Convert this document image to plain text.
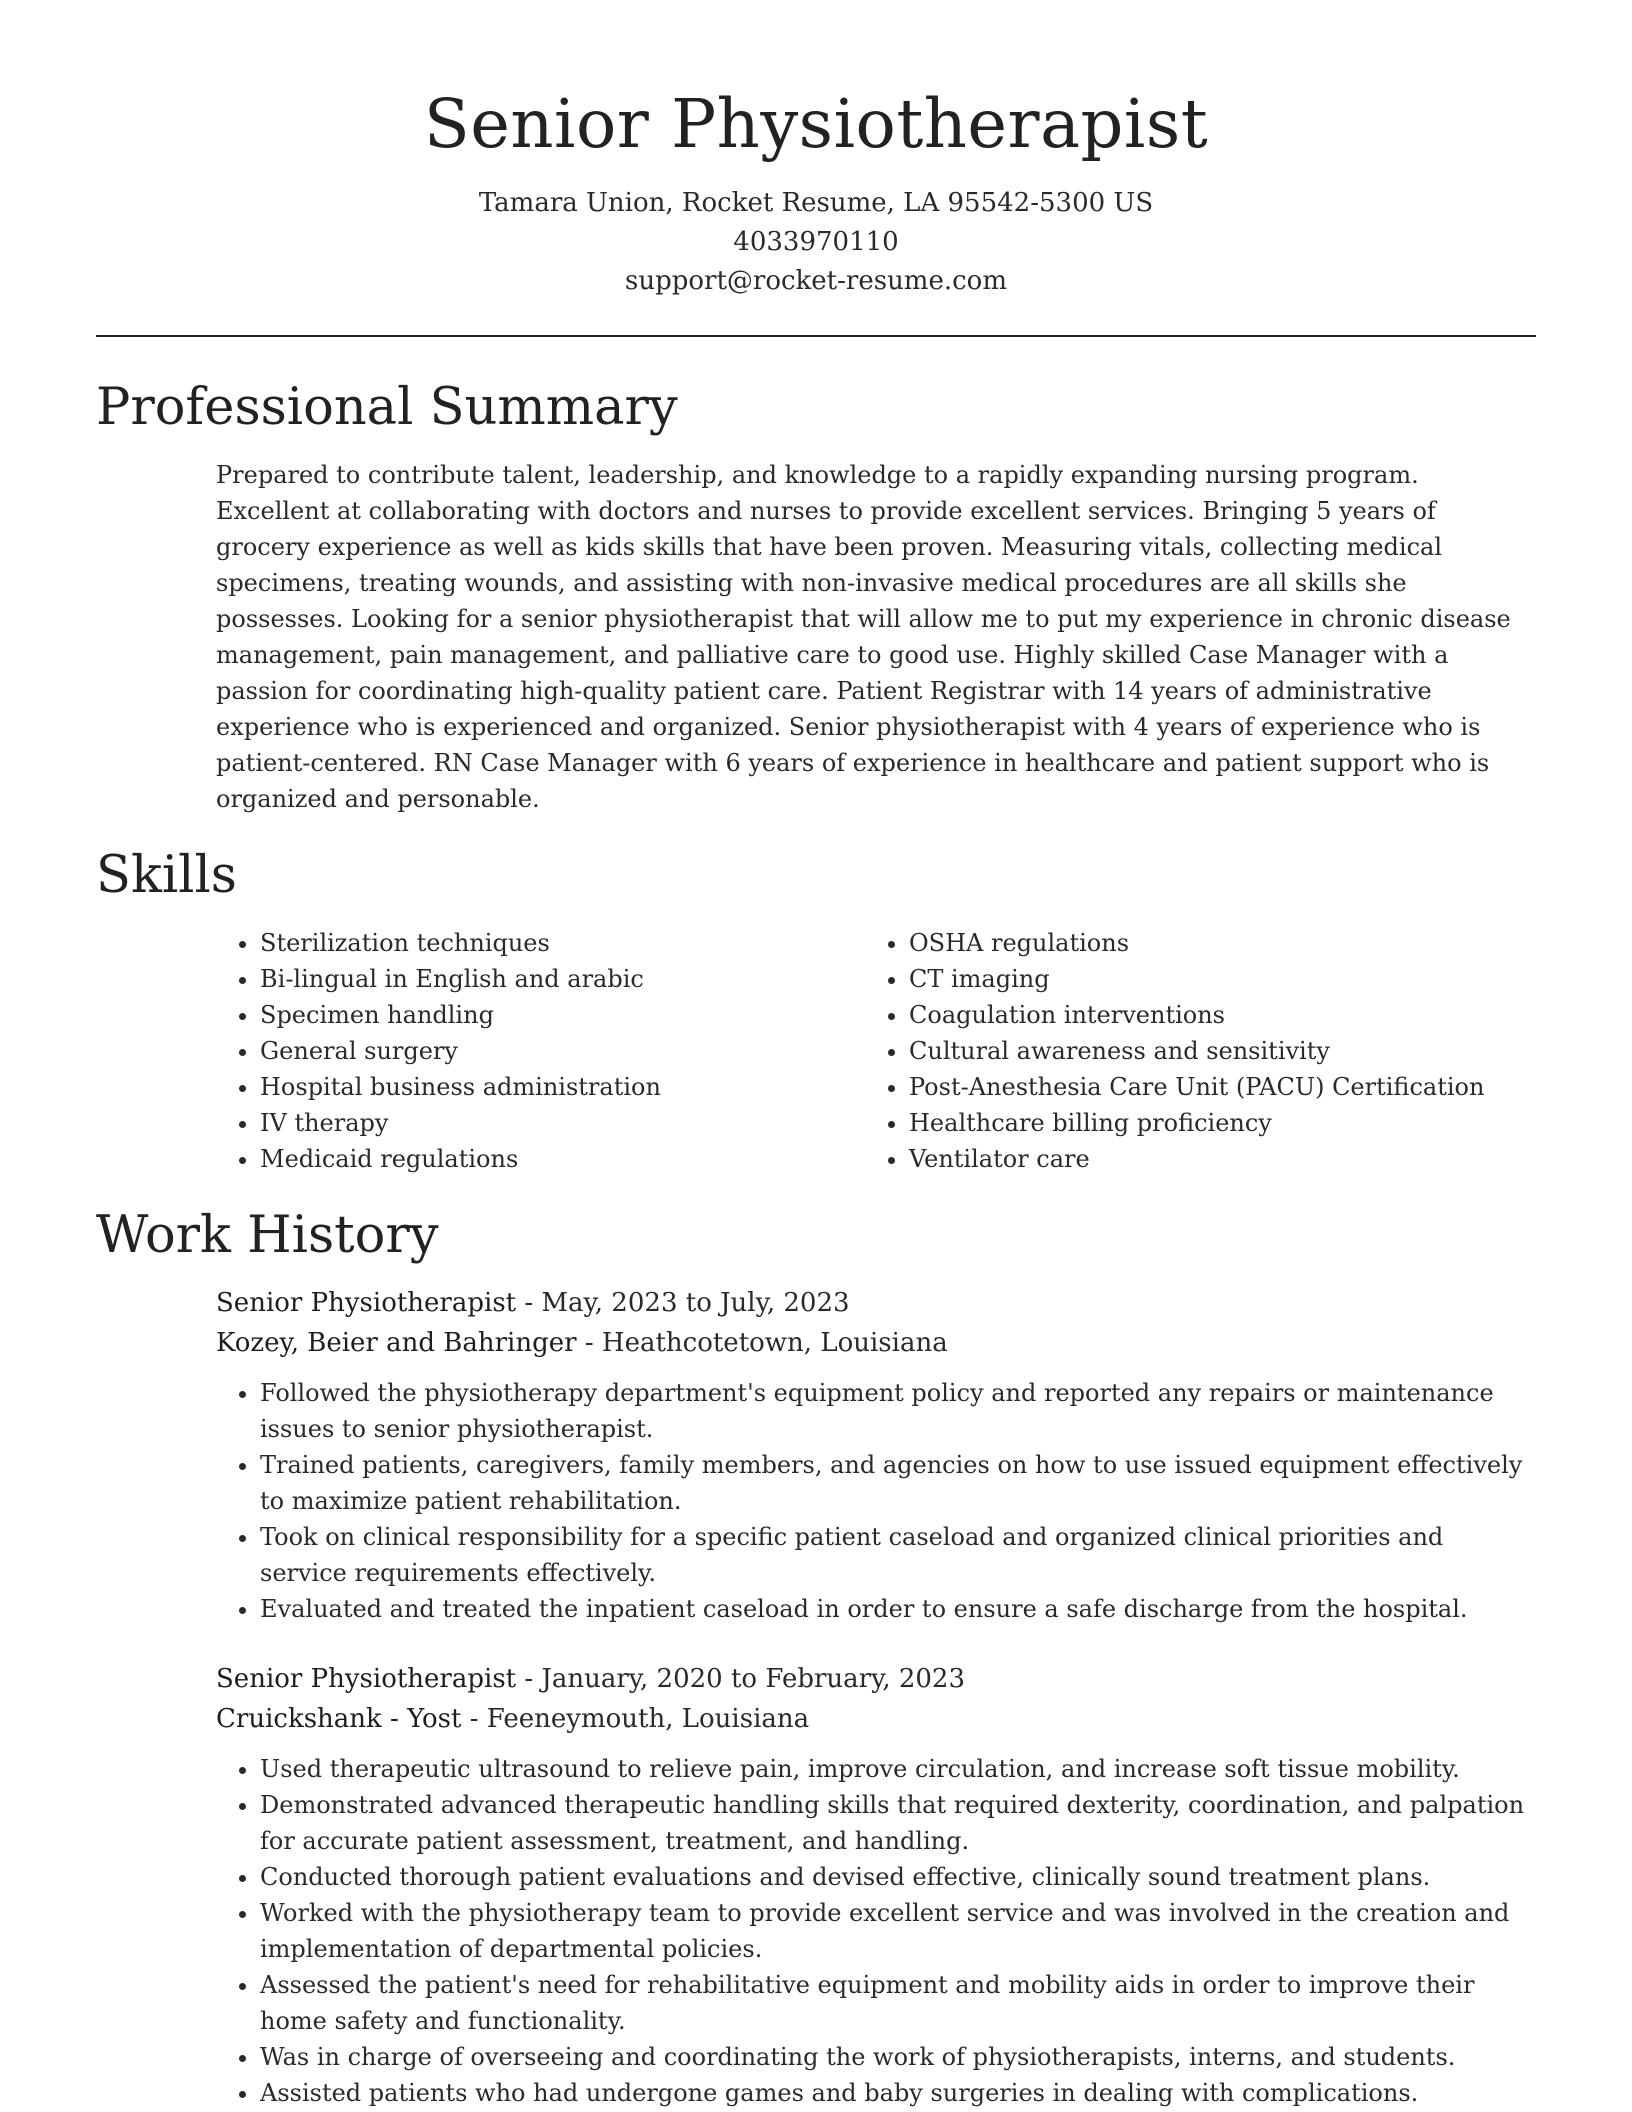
Senior Physiotherapist
Tamara Union, Rocket Resume, LA 95542-5300 US
4033970110
support@rocket-resume.com
Professional Summary

Prepared to contribute talent, leadership, and knowledge to a rapidly expanding nursing program. Excellent at collaborating with doctors and nurses to provide excellent services. Bringing 5 years of grocery experience as well as kids skills that have been proven. Measuring vitals, collecting medical specimens, treating wounds, and assisting with non-invasive medical procedures are all skills she possesses. Looking for a senior physiotherapist that will allow me to put my experience in chronic disease management, pain management, and palliative care to good use. Highly skilled Case Manager with a passion for coordinating high-quality patient care. Patient Registrar with 14 years of administrative experience who is experienced and organized. Senior physiotherapist with 4 years of experience who is patient-centered. RN Case Manager with 6 years of experience in healthcare and patient support who is organized and personable.

Skills
• Sterilization techniques
• Bi-lingual in English and arabic
• Specimen handling
• General surgery
• Hospital business administration
• IV therapy
• Medicaid regulations
• OSHA regulations
• CT imaging
• Coagulation interventions
• Cultural awareness and sensitivity
• Post-Anesthesia Care Unit (PACU) Certification
• Healthcare billing proficiency
• Ventilator care
Work History
Senior Physiotherapist - May, 2023 to July, 2023
Kozey, Beier and Bahringer - Heathcotetown, Louisiana
• Followed the physiotherapy department's equipment policy and reported any repairs or maintenance issues to senior physiotherapist.
• Trained patients, caregivers, family members, and agencies on how to use issued equipment effectively to maximize patient rehabilitation.
• Took on clinical responsibility for a specific patient caseload and organized clinical priorities and service requirements effectively.
• Evaluated and treated the inpatient caseload in order to ensure a safe discharge from the hospital.
Senior Physiotherapist - January, 2020 to February, 2023
Cruickshank - Yost - Feeneymouth, Louisiana
• Used therapeutic ultrasound to relieve pain, improve circulation, and increase soft tissue mobility.
• Demonstrated advanced therapeutic handling skills that required dexterity, coordination, and palpation for accurate patient assessment, treatment, and handling.
• Conducted thorough patient evaluations and devised effective, clinically sound treatment plans.
• Worked with the physiotherapy team to provide excellent service and was involved in the creation and implementation of departmental policies.
• Assessed the patient's need for rehabilitative equipment and mobility aids in order to improve their home safety and functionality.
• Was in charge of overseeing and coordinating the work of physiotherapists, interns, and students.
• Assisted patients who had undergone games and baby surgeries in dealing with complications.
